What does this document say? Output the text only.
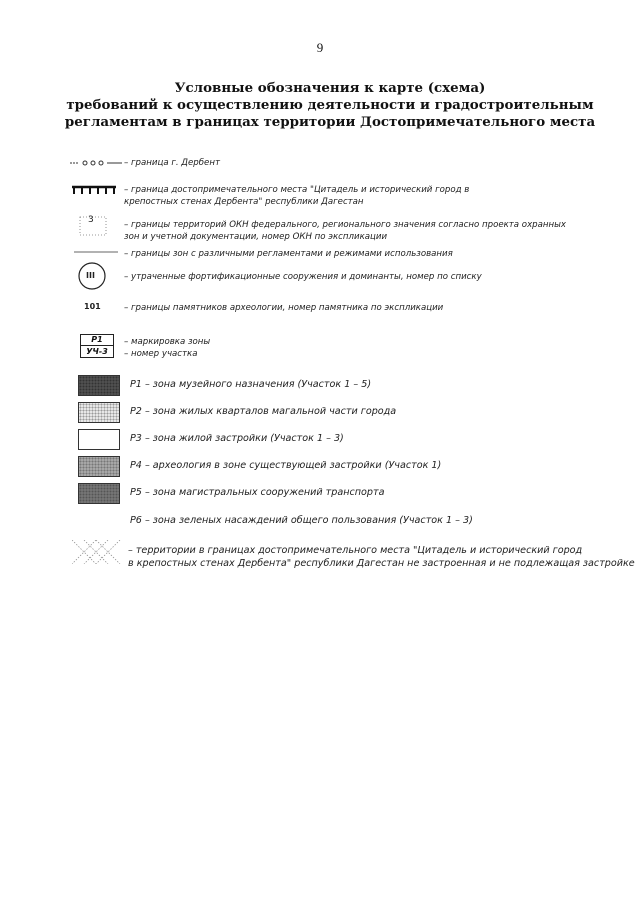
9
Условные обозначения к карте (схема)
требований к осуществлению деятельности и градостроительным
регламентам в границах территории Достопримечательного места
– граница г. Дербент
– граница достопримечательного места "Цитадель и исторический город в
крепостных стенах Дербента" республики Дагестан
3	– границы территорий ОКН федерального, регионального значения согласно проекта охранных
зон и учетной документации, номер ОКН по экспликации
– границы зон с различными регламентами и режимами использования
III	– утраченные фортификационные сооружения и доминанты, номер по списку
101	– границы памятников археологии, номер памятника по экспликации
Р1
УЧ-3
– маркировка зоны
– номер участка
Р1 – зона музейного назначения (Участок 1 – 5)
Р2 – зона жилых кварталов магальной части города
Р3 – зона жилой застройки (Участок 1 – 3)
Р4 – археология в зоне существующей застройки (Участок 1)
Р5 – зона магистральных сооружений транспорта
Р6 – зона зеленых насаждений общего пользования (Участок 1 – 3)
– территории в границах достопримечательного места "Цитадель и исторический город
в крепостных стенах Дербента" республики Дагестан не застроенная и не подлежащая застройке
